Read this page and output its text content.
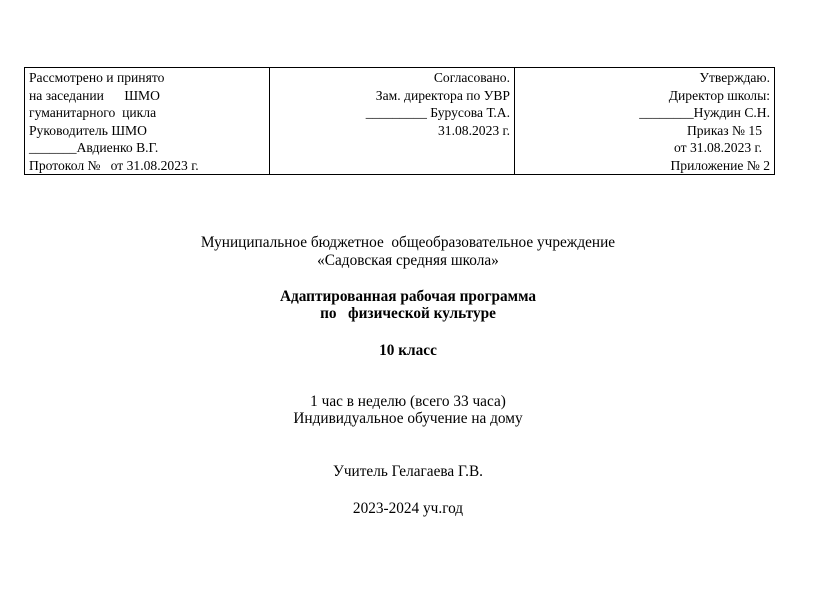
Рассмотрено и принято
на заседании      ШМО
гуманитарного  цикла
Руководитель ШМО
_______Авдиенко В.Г.
Протокол №   от 31.08.2023 г.

Согласовано.
Зам. директора по УВР
_________ Бурусова Т.А.
31.08.2023 г.

Утверждаю.
Директор школы:
________Нуждин С.Н.
Приказ № 15
от 31.08.2023 г.
Приложение № 2
Муниципальное бюджетное  общеобразовательное учреждение
«Садовская средняя школа»
Адаптированная рабочая программа
по   физической культуре
10 класс
1 час в неделю (всего 33 часа)
Индивидуальное обучение на дому
Учитель Гелагаева Г.В.
2023-2024 уч.год
